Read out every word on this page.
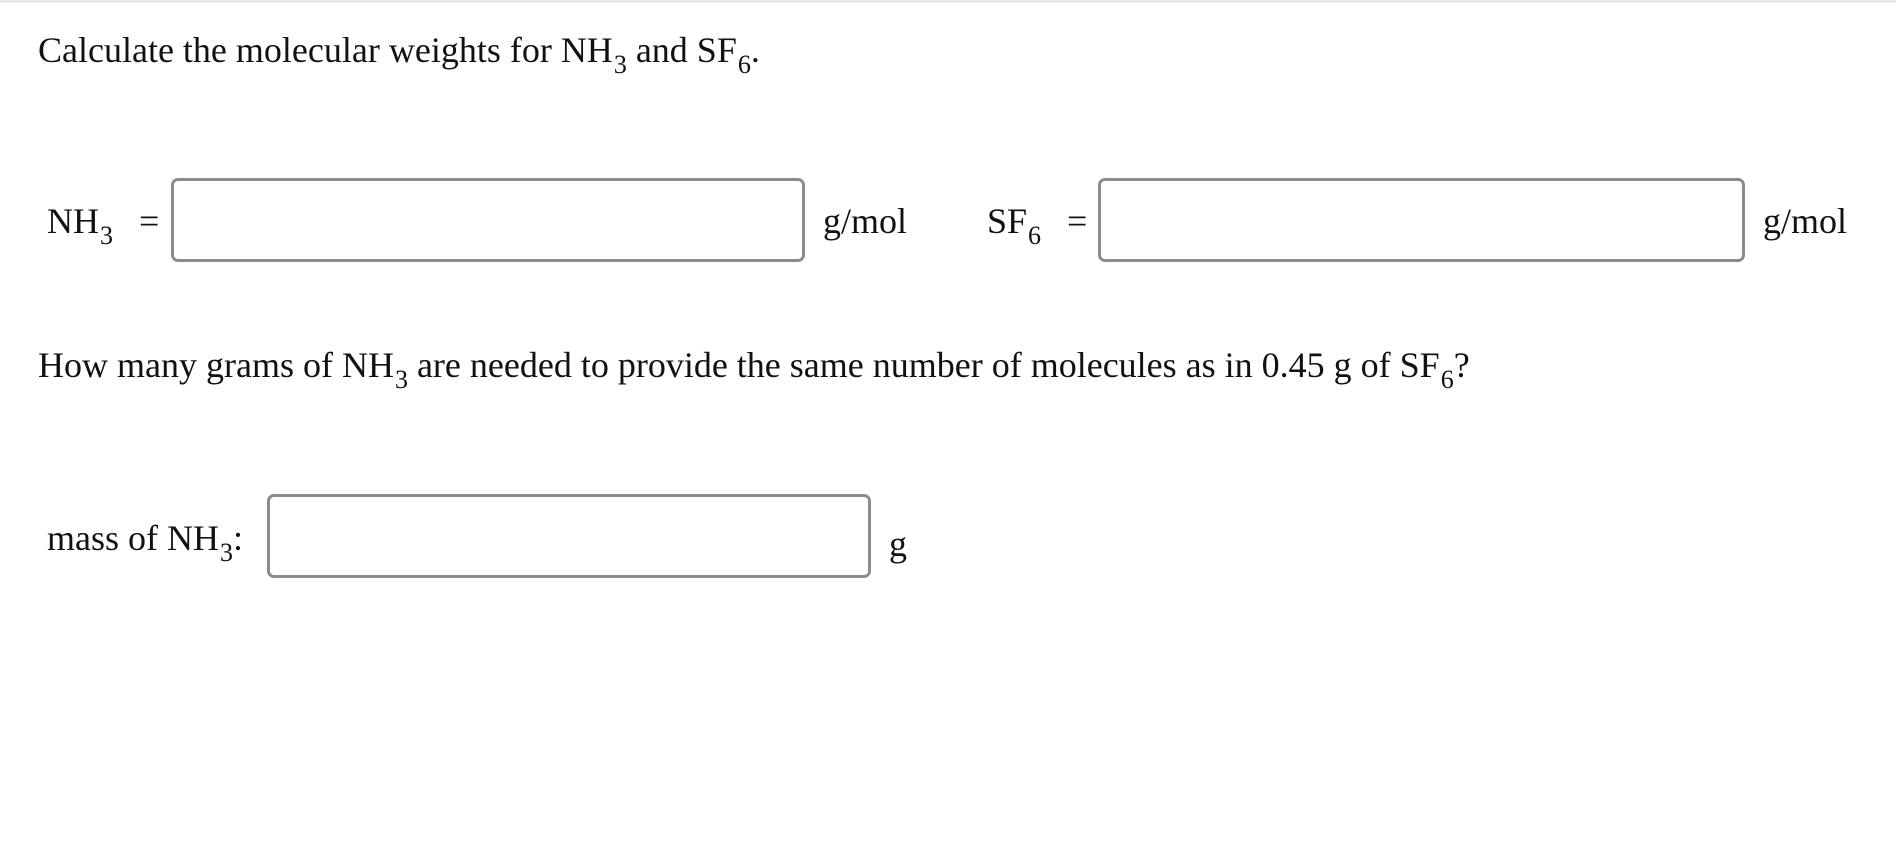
Calculate the molecular weights for $NH_3$ and $SF_6$.
$NH_3$ =	g/mol $SF_6$ =	g/mol
How many grams of $NH_3$ are needed to provide the same number of molecules as in 0.45 g of $SF_6$?
mass of $NH_3$:	g
